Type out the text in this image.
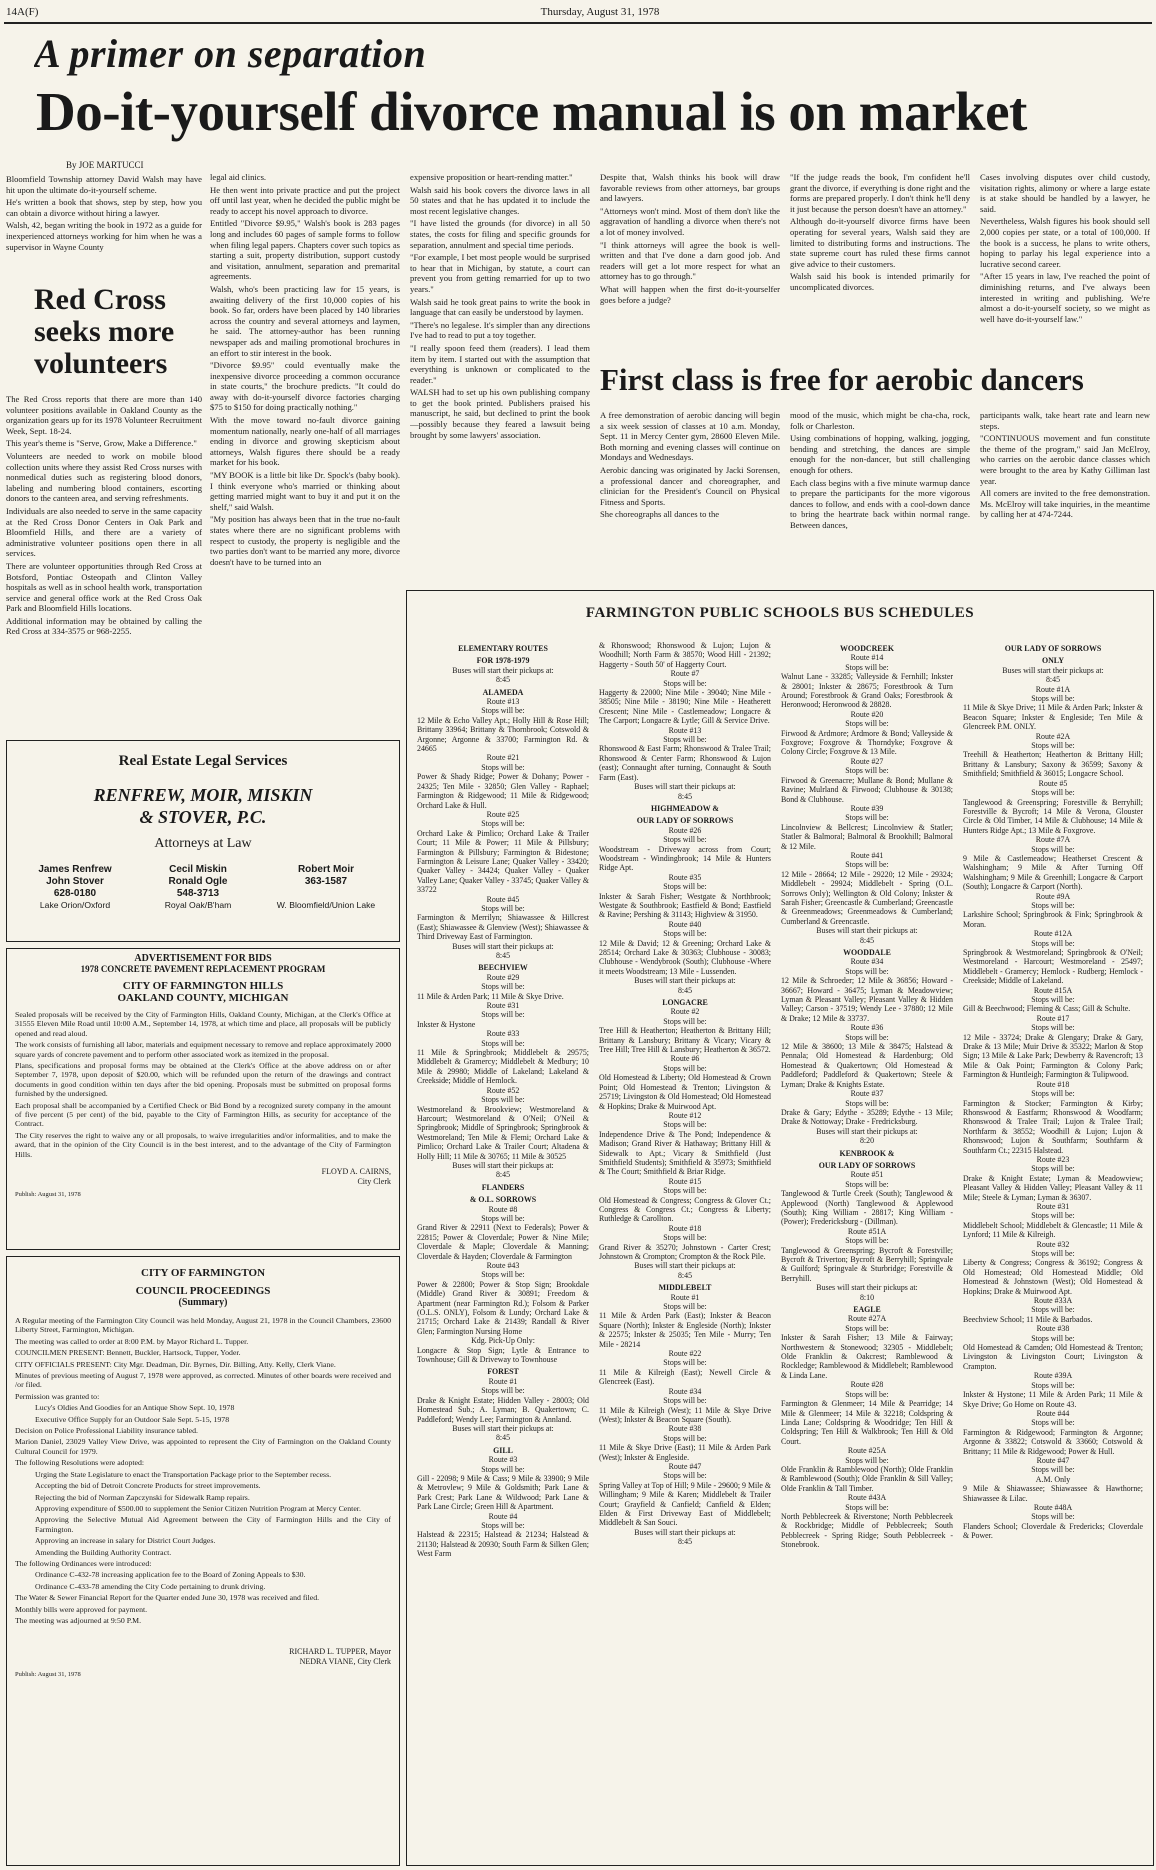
14A(F)	Thursday, August 31, 1978
A primer on separation
Do-it-yourself divorce manual is on market
By JOE MARTUCCI

Bloomfield Township attorney David Walsh may have hit upon the ultimate do-it-yourself scheme.

He's written a book that shows, step by step, how you can obtain a divorce without hiring a lawyer.

Walsh, 42, began writing the book in 1972 as a guide for inexperienced attorneys working for him when he was a supervisor in Wayne County

Red Cross seeks more volunteers

The Red Cross reports that there are more than 140 volunteer positions available in Oakland County as the organization gears up for its 1978 Volunteer Recruitment Week, Sept. 18-24.

This year's theme is "Serve, Grow, Make a Difference."

Volunteers are needed to work on mobile blood collection units where they assist Red Cross nurses with nonmedical duties such as registering blood donors, labeling and numbering blood containers, escorting donors to the canteen area, and serving refreshments.

Individuals are also needed to serve in the same capacity at the Red Cross Donor Centers in Oak Park and Bloomfield Hills, and there are a variety of administrative volunteer positions open there in all services.

There are volunteer opportunities through Red Cross at Botsford, Pontiac Osteopath and Clinton Valley hospitals as well as in school health work, transportation service and general office work at the Red Cross Oak Park and Bloomfield Hills locations.

Additional information may be obtained by calling the Red Cross at 334-3575 or 968-2255.

legal aid clinics.

He then went into private practice and put the project off until last year, when he decided the public might be ready to accept his novel approach to divorce.

Entitled "Divorce $9.95," Walsh's book is 283 pages long and includes 60 pages of sample forms to follow when filing legal papers. Chapters cover such topics as starting a suit, property distribution, support custody and visitation, annulment, separation and premarital agreements.

Walsh, who's been practicing law for 15 years, is awaiting delivery of the first 10,000 copies of his book. So far, orders have been placed by 140 libraries across the country and several attorneys and laymen, he said. The attorney-author has been running newspaper ads and mailing promotional brochures in an effort to stir interest in the book.

"Divorce $9.95" could eventually make the inexpensive divorce proceeding a common occurance in state courts," the brochure predicts. "It could do away with do-it-yourself divorce factories charging $75 to $150 for doing practically nothing."

With the move toward no-fault divorce gaining momentum nationally, nearly one-half of all marriages ending in divorce and growing skepticism about attorneys, Walsh figures there should be a ready market for his book.

"MY BOOK is a little bit like Dr. Spock's (baby book). I think everyone who's married or thinking about getting married might want to buy it and put it on the shelf," said Walsh.

"My position has always been that in the true no-fault states where there are no significant problems with respect to custody, the property is negligible and the two parties don't want to be married any more, divorce doesn't have to be turned into an

expensive proposition or heart-rending matter."

Walsh said his book covers the divorce laws in all 50 states and that he has updated it to include the most recent legislative changes.

"I have listed the grounds (for divorce) in all 50 states, the costs for filing and specific grounds for separation, annulment and special time periods.

"For example, I bet most people would be surprised to hear that in Michigan, by statute, a court can prevent you from getting remarried for up to two years."

Walsh said he took great pains to write the book in language that can easily be understood by laymen.

"There's no legalese. It's simpler than any directions I've had to read to put a toy together.

"I really spoon feed them (readers). I lead them item by item. I started out with the assumption that everything is unknown or complicated to the reader."

WALSH had to set up his own publishing company to get the book printed. Publishers praised his manuscript, he said, but declined to print the book—possibly because they feared a lawsuit being brought by some lawyers' association.

Despite that, Walsh thinks his book will draw favorable reviews from other attorneys, bar groups and lawyers.

"Attorneys won't mind. Most of them don't like the aggravation of handling a divorce when there's not a lot of money involved.

"I think attorneys will agree the book is well-written and that I've done a darn good job. And readers will get a lot more respect for what an attorney has to go through."

What will happen when the first do-it-yourselfer goes before a judge?

"If the judge reads the book, I'm confident he'll grant the divorce, if everything is done right and the forms are prepared properly. I don't think he'll deny it just because the person doesn't have an attorney."

Although do-it-yourself divorce firms have been operating for several years, Walsh said they are limited to distributing forms and instructions. The state supreme court has ruled these firms cannot give advice to their customers.

Walsh said his book is intended primarily for uncomplicated divorces.

Cases involving disputes over child custody, visitation rights, alimony or where a large estate is at stake should be handled by a lawyer, he said.

Nevertheless, Walsh figures his book should sell 2,000 copies per state, or a total of 100,000. If the book is a success, he plans to write others, hoping to parlay his legal experience into a lucrative second career.

"After 15 years in law, I've reached the point of diminishing returns, and I've always been interested in writing and publishing. We're almost a do-it-yourself society, so we might as well have do-it-yourself law."

First class is free for aerobic dancers

A free demonstration of aerobic dancing will begin a six week session of classes at 10 a.m. Monday, Sept. 11 in Mercy Center gym, 28600 Eleven Mile. Both morning and evening classes will continue on Mondays and Wednesdays.

Aerobic dancing was originated by Jacki Sorensen, a professional dancer and choreographer, and clinician for the President's Council on Physical Fitness and Sports.

She choreographs all dances to the

mood of the music, which might be cha-cha, rock, folk or Charleston.

Using combinations of hopping, walking, jogging, bending and stretching, the dances are simple enough for the non-dancer, but still challenging enough for others.

Each class begins with a five minute warmup dance to prepare the participants for the more vigorous dances to follow, and ends with a cool-down dance to bring the heartrate back within normal range. Between dances,

participants walk, take heart rate and learn new steps.

"CONTINUOUS movement and fun constitute the theme of the program," said Jan McElroy, who carries on the aerobic dance classes which were brought to the area by Kathy Gilliman last year.

All comers are invited to the free demonstration. Ms. McElroy will take inquiries, in the meantime by calling her at 474-7244.

Real Estate Legal Services
RENFREW, MOIR, MISKIN
& STOVER, P.C.
Attorneys at Law
James Renfrew
John Stover
628-0180
Lake Orion/Oxford
Cecil Miskin
Ronald Ogle
548-3713
Royal Oak/B'ham
Robert Moir
363-1587
W. Bloomfield/Union Lake
ADVERTISEMENT FOR BIDS
1978 CONCRETE PAVEMENT REPLACEMENT PROGRAM
CITY OF FARMINGTON HILLS
OAKLAND COUNTY, MICHIGAN

Sealed proposals will be received by the City of Farmington Hills, Oakland County, Michigan, at the Clerk's Office at 31555 Eleven Mile Road until 10:00 A.M., September 14, 1978, at which time and place, all proposals will be publicly opened and read aloud.

The work consists of furnishing all labor, materials and equipment necessary to remove and replace approximately 2000 square yards of concrete pavement and to perform other associated work as itemized in the proposal.

Plans, specifications and proposal forms may be obtained at the Clerk's Office at the above address on or after September 7, 1978, upon deposit of $20.00, which will be refunded upon the return of the drawings and contract documents in good condition within ten days after the bid opening. Proposals must be submitted on proposal forms furnished by the undersigned.

Each proposal shall be accompanied by a Certified Check or Bid Bond by a recognized surety company in the amount of five percent (5 per cent) of the bid, payable to the City of Farmington Hills, as security for acceptance of the Contract.

The City reserves the right to waive any or all proposals, to waive irregularities and/or informalities, and to make the award, that in the opinion of the City Council is in the best interest, and to the advantage of the City of Farmington Hills.

FLOYD A. CAIRNS,
City Clerk
Publish: August 31, 1978
CITY OF FARMINGTON
COUNCIL PROCEEDINGS
(Summary)

A Regular meeting of the Farmington City Council was held Monday, August 21, 1978 in the Council Chambers, 23600 Liberty Street, Farmington, Michigan.

The meeting was called to order at 8:00 P.M. by Mayor Richard L. Tupper.

COUNCILMEN PRESENT: Bennett, Buckler, Hartsock, Tupper, Yoder.

CITY OFFICIALS PRESENT: City Mgr. Deadman, Dir. Byrnes, Dir. Billing, Atty. Kelly, Clerk Viane.

Minutes of previous meeting of August 7, 1978 were approved, as corrected. Minutes of other boards were received and /or filed.

Permission was granted to:

Lucy's Oldies And Goodies for an Antique Show Sept. 10, 1978

Executive Office Supply for an Outdoor Sale Sept. 5-15, 1978

Decision on Police Professional Liability insurance tabled.

Marion Daniel, 23029 Valley View Drive, was appointed to represent the City of Farmington on the Oakland County Cultural Council for 1979.

The following Resolutions were adopted:

Urging the State Legislature to enact the Transportation Package prior to the September recess.

Accepting the bid of Detroit Concrete Products for street improvements.

Rejecting the bid of Norman Zapczynski for Sidewalk Ramp repairs.

Approving expenditure of $500.00 to supplement the Senior Citizen Nutrition Program at Mercy Center.

Approving the Selective Mutual Aid Agreement between the City of Farmington Hills and the City of Farmington.

Approving an increase in salary for District Court Judges.

Amending the Building Authority Contract.

The following Ordinances were introduced:

Ordinance C-432-78 increasing application fee to the Board of Zoning Appeals to $30.

Ordinance C-433-78 amending the City Code pertaining to drunk driving.

The Water & Sewer Financial Report for the Quarter ended June 30, 1978 was received and filed.

Monthly bills were approved for payment.

The meeting was adjourned at 9:50 P.M.

RICHARD L. TUPPER, Mayor
NEDRA VIANE, City Clerk
Publish: August 31, 1978
FARMINGTON PUBLIC SCHOOLS BUS SCHEDULES
ELEMENTARY ROUTES
FOR 1978-1979
Buses will start their pickups at:
8:45
ALAMEDA
Route #13
Stops will be:
12 Mile & Echo Valley Apt.; Holly Hill & Rose Hill; Brittany 33964; Brittany & Thornbrook; Cotswold & Argonne; Argonne & 33700; Farmington Rd. & 24665
Route #21
Stops will be:
Power & Shady Ridge; Power & Dohany; Power - 24325; Ten Mile - 32850; Glen Valley - Raphael; Farmington & Ridgewood; 11 Mile & Ridgewood; Orchard Lake & Hull.
Route #25
Stops will be:
Orchard Lake & Pimlico; Orchard Lake & Trailer Court; 11 Mile & Power; 11 Mile & Pillsbury; Farmington & Pillsbury; Farmington & Bidestone; Farmington & Leisure Lane; Quaker Valley - 33420; Quaker Valley - 34424; Quaker Valley - Quaker Valley Lane; Quaker Valley - 33745; Quaker Valley & 33722
Route #45
Stops will be:
Farmington & Merrilyn; Shiawassee & Hillcrest (East); Shiawassee & Glenview (West); Shiawassee & Third Driveway East of Farmington.
Buses will start their pickups at:
8:45
BEECHVIEW
Route #29
Stops will be:
11 Mile & Arden Park; 11 Mile & Skye Drive.
Route #31
Stops will be:
Inkster & Hystone
Route #33
Stops will be:
11 Mile & Springbrook; Middlebelt & 29575; Middlebelt & Gramercy; Middlebelt & Medbury; 10 Mile & 29980; Middle of Lakeland; Lakeland & Creekside; Middle of Hemlock.
Route #52
Stops will be:
Westmoreland & Brookview; Westmoreland & Harcourt; Westmoreland & O'Neil; O'Neil & Springbrook; Middle of Springbrook; Springbrook & Westmoreland; Ten Mile & Flemi; Orchard Lake & Pimlico; Orchard Lake & Trailer Court; Altadena & Holly Hill; 11 Mile & 30765; 11 Mile & 30525
Buses will start their pickups at:
8:45
FLANDERS
& O.L. SORROWS
Route #8
Stops will be:
Grand River & 22911 (Next to Federals); Power & 22815; Power & Cloverdale; Power & Nine Mile; Cloverdale & Maple; Cloverdale & Manning; Cloverdale & Hayden; Cloverdale & Farmington
Route #43
Stops will be:
Power & 22800; Power & Stop Sign; Brookdale (Middle) Grand River & 30891; Freedom & Apartment (near Farmington Rd.); Folsom & Parker (O.L.S. ONLY), Folsom & Lundy; Orchard Lake & 21715; Orchard Lake & 21439; Randall & River Glen; Farmington Nursing Home
Kdg. Pick-Up Only:
Longacre & Stop Sign; Lytle & Entrance to Townhouse; Gill & Driveway to Townhouse
FOREST
Route #1
Stops will be:
Drake & Knight Estate; Hidden Valley - 28003; Old Homestead Sub.; A. Lyman; B. Quakertown; C. Paddleford; Wendy Lee; Farmington & Annland.
Buses will start their pickups at:
8:45
GILL
Route #3
Stops will be:
Gill - 22098; 9 Mile & Cass; 9 Mile & 33900; 9 Mile & Metrovlew; 9 Mile & Goldsmith; Park Lane & Park Crest; Park Lane & Wildwood; Park Lane & Park Lane Circle; Green Hill & Apartment.
Route #4
Stops will be:
Halstead & 22315; Halstead & 21234; Halstead & 21130; Halstead & 20930; South Farm & Silken Glen; West Farm
& Rhonswood; Rhonswood & Lujon; Lujon & Woodhill; North Farm & 38570; Wood Hill - 21392; Haggerty - South 50' of Haggerty Court.
Route #7
Stops will be:
Haggerty & 22000; Nine Mile - 39040; Nine Mile - 38505; Nine Mile - 38190; Nine Mile - Heatherett Crescent; Nine Mile - Castlemeadow; Longacre & The Carport; Longacre & Lytle; Gill & Service Drive.
Route #13
Stops will be:
Rhonswood & East Farm; Rhonswood & Tralee Trail; Rhonswood & Center Farm; Rhonswood & Lujon (east); Connaught after turning, Connaught & South Farm (East).
Buses will start their pickups at:
8:45
HIGHMEADOW &
OUR LADY OF SORROWS
Route #26
Stops will be:
Woodstream - Driveway across from Court; Woodstream - Windingbrook; 14 Mile & Hunters Ridge Apt.
Route #35
Stops will be:
Inkster & Sarah Fisher; Westgate & Northbrook; Westgate & Southbrook; Eastfield & Bond; Eastfield & Ravine; Pershing & 31143; Highview & 31950.
Route #40
Stops will be:
12 Mile & David; 12 & Greening; Orchard Lake & 28514; Orchard Lake & 30363; Clubhouse - 30083; Clubhouse - Wendybrook (South); Clubhouse -Where it meets Woodstream; 13 Mile - Lussenden.
Buses will start their pickups at:
8:45
LONGACRE
Route #2
Stops will be:
Tree Hill & Heatherton; Heatherton & Brittany Hill; Brittany & Lansbury; Brittany & Vicary; Vicary & Tree Hill; Tree Hill & Lansbury; Heatherton & 36572.
Route #6
Stops will be:
Old Homestead & Liberty; Old Homestead & Crown Point; Old Homestead & Trenton; Livingston & 25719; Livingston & Old Homestead; Old Homestead & Hopkins; Drake & Muirwood Apt.
Route #12
Stops will be:
Independence Drive & The Pond; Independence & Madison; Grand River & Hathaway; Brittany Hill & Sidewalk to Apt.; Vicary & Smithfield (Just Smithfield Students); Smithfield & 35973; Smithfield & The Court; Smithfield & Briar Ridge.
Route #15
Stops will be:
Old Homestead & Congress; Congress & Glover Ct.; Congress & Congress Ct.; Congress & Liberty; Ruthledge & Carollton.
Route #18
Stops will be:
Grand River & 35270; Johnstown - Carter Crest; Johnstown & Crompton; Crompton & the Rock Pile.
Buses will start their pickups at:
8:45
MIDDLEBELT
Route #1
Stops will be:
11 Mile & Arden Park (East); Inkster & Beacon Square (North); Inkster & Engleside (North); Inkster & 22575; Inkster & 25035; Ten Mile - Murry; Ten Mile - 28214
Route #22
Stops will be:
11 Mile & Kilreigh (East); Newell Circle & Glencreek (East).
Route #34
Stops will be:
11 Mile & Kilreigh (West); 11 Mile & Skye Drive (West); Inkster & Beacon Square (South).
Route #38
Stops will be:
11 Mile & Skye Drive (East); 11 Mile & Arden Park (West); Inkster & Engleside.
Route #47
Stops will be:
Spring Valley at Top of Hill; 9 Mile - 29600; 9 Mile & Willingham; 9 Mile & Karen; Middlebelt & Trailer Court; Grayfield & Canfield; Canfield & Elden; Elden & First Driveway East of Middlebelt; Middlebelt & San Souci.
Buses will start their pickups at:
8:45
WOODCREEK
Route #14
Stops will be:
Walnut Lane - 33285; Valleyside & Fernhill; Inkster & 28001; Inkster & 28675; Forestbrook & Turn Around; Forestbrook & Grand Oaks; Forestbrook & Heronwood; Heronwood & 28828.
Route #20
Stops will be:
Firwood & Ardmore; Ardmore & Bond; Valleyside & Foxgrove; Foxgrove & Thorndyke; Foxgrove & Colony Circle; Foxgrove & 13 Mile.
Route #27
Stops will be:
Firwood & Greenacre; Mullane & Bond; Mullane & Ravine; Mulrland & Firwood; Clubhouse & 30138; Bond & Clubhouse.
Route #39
Stops will be:
Lincolnview & Bellcrest; Lincolnview & Statler; Statler & Balmoral; Balmoral & Brookhill; Balmoral & 12 Mile.
Route #41
Stops will be:
12 Mile - 28664; 12 Mile - 29220; 12 Mile - 29324; Middlebelt - 29924; Middlebelt - Spring (O.L. Sorrows Only); Wellington & Old Colony; Inkster & Sarah Fisher; Greencastle & Cumberland; Greencastle & Greenmeadows; Greenmeadows & Cumberland; Cumberland & Greencastle.
Buses will start their pickups at:
8:45
WOODDALE
Route #34
Stops will be:
12 Mile & Schroeder; 12 Mile & 36856; Howard - 36667; Howard - 36475; Lyman & Meadowview; Lyman & Pleasant Valley; Pleasant Valley & Hidden Valley; Carson - 37519; Wendy Lee - 37880; 12 Mile & Drake; 12 Mile & 33737.
Route #36
Stops will be:
12 Mile & 38600; 13 Mile & 38475; Halstead & Pennala; Old Homestead & Hardenburg; Old Homestead & Quakertown; Old Homestead & Paddleford; Paddleford & Quakertown; Steele & Lyman; Drake & Knights Estate.
Route #37
Stops will be:
Drake & Gary; Edythe - 35289; Edythe - 13 Mile; Drake & Nottoway; Drake - Fredricksburg.
Buses will start their pickups at:
8:20
KENBROOK &
OUR LADY OF SORROWS
Route #51
Stops will be:
Tanglewood & Turtle Creek (South); Tanglewood & Applewood (North) Tanglewood & Applewood (South); King William - 28817; King William - (Power); Fredericksburg - (Dillman).
Route #51A
Stops will be:
Tanglewood & Greenspring; Bycroft & Forestville; Bycroft & Triverton; Bycroft & Berryhill; Springvale & Guilford; Springvale & Sturbridge; Forestville & Berryhill.
Buses will start their pickups at:
8:10
EAGLE
Route #27A
Stops will be:
Inkster & Sarah Fisher; 13 Mile & Fairway; Northwestern & Stonewood; 32305 - Middlebelt; Olde Franklin & Oakcrest; Ramblewood & Rockledge; Ramblewood & Middlebelt; Ramblewood & Linda Lane.
Route #28
Stops will be:
Farmington & Glenmeer; 14 Mile & Pearridge; 14 Mile & Glenmeer; 14 Mile & 32218; Coldspring & Linda Lane; Coldspring & Woodridge; Ten Hill & Coldspring; Ten Hill & Walkbrook; Ten Hill & Old Court.
Route #25A
Stops will be:
Olde Franklin & Ramblewood (North); Olde Franklin & Ramblewood (South); Olde Franklin & Sill Valley; Olde Franklin & Tall Timber.
Route #43A
Stops will be:
North Pebblecreek & Riverstone; North Pebblecreek & Rockbridge; Middle of Pebblecreek; South Pebblecreek - Spring Ridge; South Pebblecreek - Stonebrook.
OUR LADY OF SORROWS
ONLY
Buses will start their pickups at:
8:45
Route #1A
Stops will be:
11 Mile & Skye Drive; 11 Mile & Arden Park; Inkster & Beacon Square; Inkster & Engleside; Ten Mile & Glencreek P.M. ONLY.
Route #2A
Stops will be:
Treehill & Heatherton; Heatherton & Brittany Hill; Brittany & Lansbury; Saxony & 36599; Saxony & Smithfield; Smithfield & 36015; Longacre School.
Route #5
Stops will be:
Tanglewood & Greenspring; Forestville & Berryhill; Forestville & Bycroft; 14 Mile & Verona, Glouster Circle & Old Timber, 14 Mile & Clubhouse; 14 Mile & Hunters Ridge Apt.; 13 Mile & Foxgrove.
Route #7A
Stops will be:
9 Mile & Castlemeadow; Heatherset Crescent & Walshingham; 9 Mile & After Turning Off Walshingham; 9 Mile & Greenhill; Longacre & Carport (South); Longacre & Carport (North).
Route #9A
Stops will be:
Larkshire School; Springbrook & Fink; Springbrook & Moran.
Route #12A
Stops will be:
Springbrook & Westmoreland; Springbrook & O'Neil; Westmoreland - Harcourt; Westmoreland - 25497; Middlebelt - Gramercy; Hemlock - Rudberg; Hemlock - Creekside; Middle of Lakeland.
Route #15A
Stops will be:
Gill & Beechwood; Fleming & Cass; Gill & Schulte.
Route #17
Stops will be:
12 Mile - 33724; Drake & Glengary; Drake & Gary, Drake & 13 Mile; Muir Drive & 35322; Marlon & Stop Sign; 13 Mile & Lake Park; Dewberry & Ravencroft; 13 Mile & Oak Point; Farmington & Colony Park; Farmington & Huntleigh; Farmington & Tulipwood.
Route #18
Stops will be:
Farmington & Stocker; Farmington & Kirby; Rhonswood & Eastfarm; Rhonswood & Woodfarm; Rhonswood & Tralee Trail; Lujon & Tralee Trail; Northfarm & 38552; Woodhill & Lujon; Lujon & Rhonswood; Lujon & Southfarm; Southfarm & Southfarm Ct.; 22315 Halstead.
Route #23
Stops will be:
Drake & Knight Estate; Lyman & Meadowview; Pleasant Valley & Hidden Valley; Pleasant Valley & 11 Mile; Steele & Lyman; Lyman & 36307.
Route #31
Stops will be:
Middlebelt School; Middlebelt & Glencastle; 11 Mile & Lynford; 11 Mile & Kilreigh.
Route #32
Stops will be:
Liberty & Congress; Congress & 36192; Congress & Old Homestead; Old Homestead Middle; Old Homestead & Johnstown (West); Old Homestead & Hopkins; Drake & Muirwood Apt.
Route #33A
Stops will be:
Beechview School; 11 Mile & Barbados.
Route #38
Stops will be:
Old Homestead & Camden; Old Homestead & Trenton; Livingston & Livingston Court; Livingston & Crampton.
Route #39A
Stops will be:
Inkster & Hystone; 11 Mile & Arden Park; 11 Mile & Skye Drive; Go Home on Route 43.
Route #44
Stops will be:
Farmington & Ridgewood; Farmington & Argonne; Argonne & 33822; Cotswold & 33660; Cotswold & Brittany; 11 Mile & Ridgewood; Power & Hull.
Route #47
Stops will be:
A.M. Only
9 Mile & Shiawassee; Shiawassee & Hawthorne; Shiawassee & Lilac.
Route #48A
Stops will be:
Flanders School; Cloverdale & Fredericks; Cloverdale & Power.
